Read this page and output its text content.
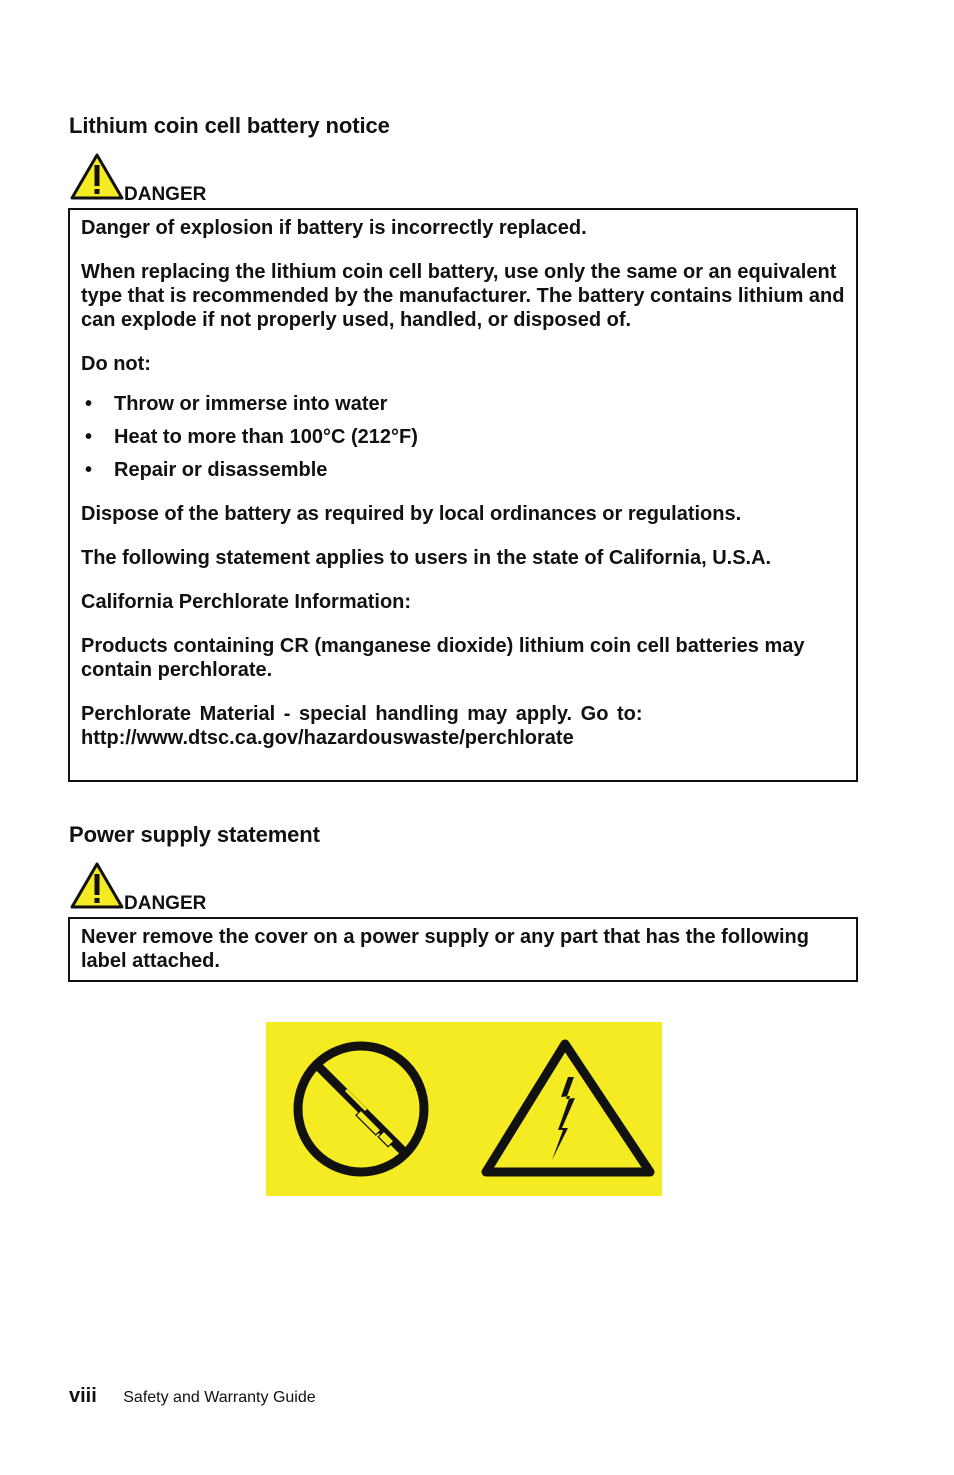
Lithium coin cell battery notice
DANGER

Danger of explosion if battery is incorrectly replaced.

When replacing the lithium coin cell battery, use only the same or an equivalent type that is recommended by the manufacturer. The battery contains lithium and can explode if not properly used, handled, or disposed of.

Do not:

• Throw or immerse into water
• Heat to more than 100°C (212°F)
• Repair or disassemble

Dispose of the battery as required by local ordinances or regulations.

The following statement applies to users in the state of California, U.S.A.

California Perchlorate Information:

Products containing CR (manganese dioxide) lithium coin cell batteries may contain perchlorate.

Perchlorate Material - special handling may apply. Go to:
http://www.dtsc.ca.gov/hazardouswaste/perchlorate

Power supply statement
DANGER

Never remove the cover on a power supply or any part that has the following label attached.

viii Safety and Warranty Guide
